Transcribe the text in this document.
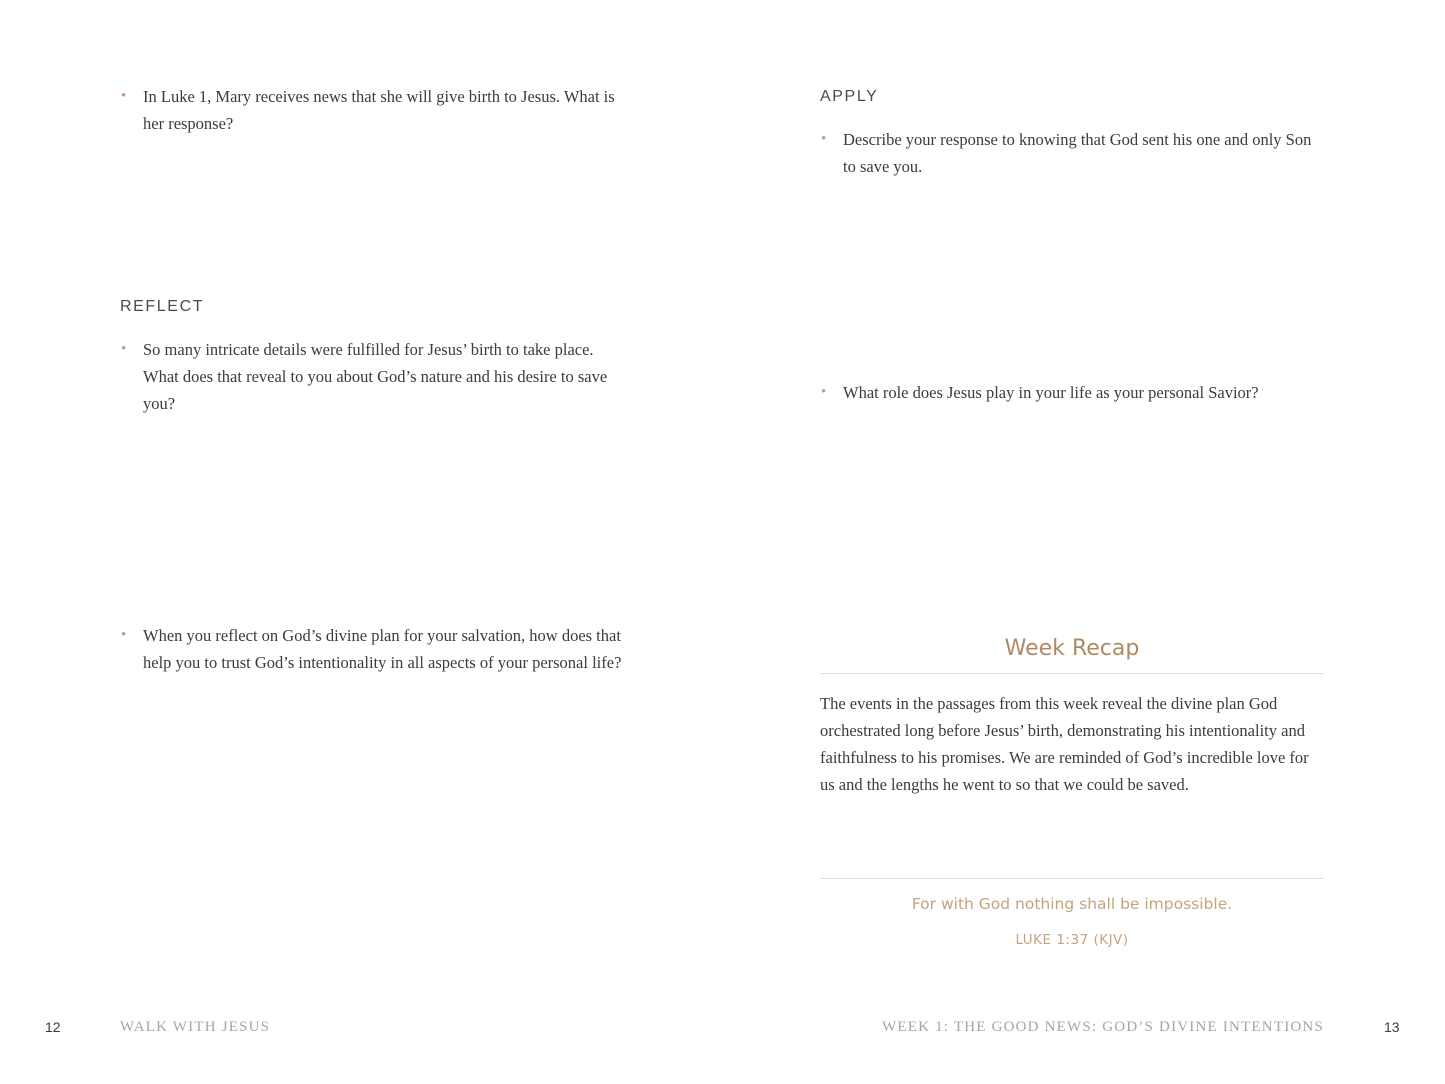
• In Luke 1, Mary receives news that she will give birth to Jesus. What is her response?
REFLECT
• So many intricate details were fulfilled for Jesus’ birth to take place. What does that reveal to you about God’s nature and his desire to save you?
• When you reflect on God’s divine plan for your salvation, how does that help you to trust God’s intentionality in all aspects of your personal life?
12	WALK WITH JESUS
APPLY
• Describe your response to knowing that God sent his one and only Son to save you.
• What role does Jesus play in your life as your personal Savior?
Week Recap
The events in the passages from this week reveal the divine plan God orchestrated long before Jesus’ birth, demonstrating his intentionality and faithfulness to his promises. We are reminded of God’s incredible love for us and the lengths he went to so that we could be saved.
For with God nothing shall be impossible.
LUKE 1:37 (KJV)
WEEK 1: THE GOOD NEWS: GOD’S DIVINE INTENTIONS	13
